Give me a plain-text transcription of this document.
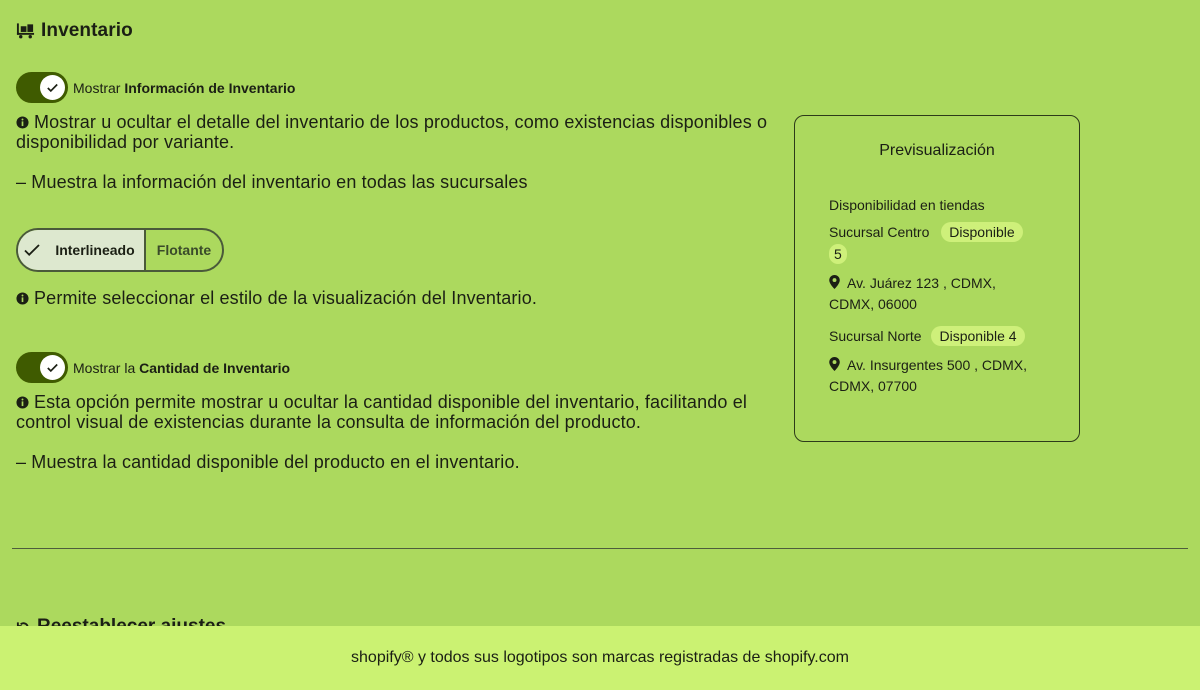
Inventario
Mostrar Información de Inventario
Mostrar u ocultar el detalle del inventario de los productos, como existencias disponibles o disponibilidad por variante.
– Muestra la información del inventario en todas las sucursales
Interlineado Flotante
Permite seleccionar el estilo de la visualización del Inventario.
Mostrar la Cantidad de Inventario
Esta opción permite mostrar u ocultar la cantidad disponible del inventario, facilitando el control visual de existencias durante la consulta de información del producto.
– Muestra la cantidad disponible del producto en el inventario.
Previsualización
Disponibilidad en tiendas
Sucursal Centro Disponible
5
Av. Juárez 123 , CDMX,
CDMX, 06000
Sucursal Norte Disponible 4
Av. Insurgentes 500 , CDMX,
CDMX, 07700
shopify® y todos sus logotipos son marcas registradas de shopify.com
